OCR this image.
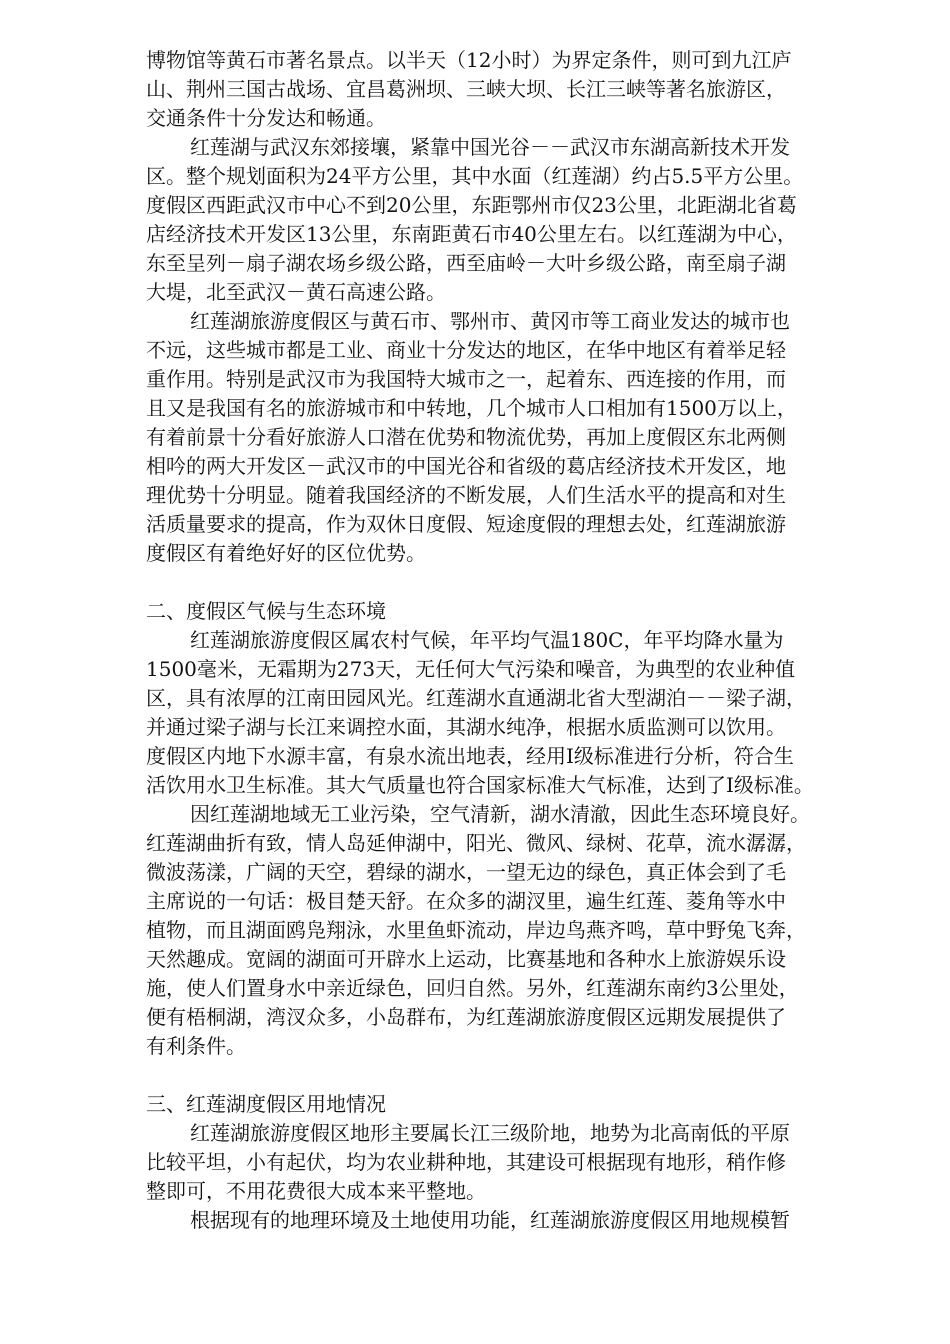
博物馆等黄石市著名景点。以半天（12小时）为界定条件，则可到九江庐
山、荆州三国古战场、宜昌葛洲坝、三峡大坝、长江三峡等著名旅游区，
交通条件十分发达和畅通。
红莲湖与武汉东郊接壤，紧靠中国光谷－－武汉市东湖高新技术开发
区。整个规划面积为24平方公里，其中水面（红莲湖）约占5.5平方公里。
度假区西距武汉市中心不到20公里，东距鄂州市仅23公里，北距湖北省葛
店经济技术开发区13公里，东南距黄石市40公里左右。以红莲湖为中心，
东至呈列－扇子湖农场乡级公路，西至庙岭－大叶乡级公路，南至扇子湖
大堤，北至武汉－黄石高速公路。
红莲湖旅游度假区与黄石市、鄂州市、黄冈市等工商业发达的城市也
不远，这些城市都是工业、商业十分发达的地区，在华中地区有着举足轻
重作用。特别是武汉市为我国特大城市之一，起着东、西连接的作用，而
且又是我国有名的旅游城市和中转地，几个城市人口相加有1500万以上，
有着前景十分看好旅游人口潜在优势和物流优势，再加上度假区东北两侧
相吟的两大开发区－武汉市的中国光谷和省级的葛店经济技术开发区，地
理优势十分明显。随着我国经济的不断发展，人们生活水平的提高和对生
活质量要求的提高，作为双休日度假、短途度假的理想去处，红莲湖旅游
度假区有着绝好好的区位优势。
二、度假区气候与生态环境
红莲湖旅游度假区属农村气候，年平均气温180C，年平均降水量为
1500毫米，无霜期为273天，无任何大气污染和噪音，为典型的农业种值
区，具有浓厚的江南田园风光。红莲湖水直通湖北省大型湖泊－－梁子湖，
并通过梁子湖与长江来调控水面，其湖水纯净，根据水质监测可以饮用。
度假区内地下水源丰富，有泉水流出地表，经用I级标准进行分析，符合生
活饮用水卫生标准。其大气质量也符合国家标准大气标准，达到了I级标准。
因红莲湖地域无工业污染，空气清新，湖水清澈，因此生态环境良好。
红莲湖曲折有致，情人岛延伸湖中，阳光、微风、绿树、花草，流水潺潺，
微波荡漾，广阔的天空，碧绿的湖水，一望无边的绿色，真正体会到了毛
主席说的一句话：极目楚天舒。在众多的湖汊里，遍生红莲、菱角等水中
植物，而且湖面鸥凫翔泳，水里鱼虾流动，岸边鸟燕齐鸣，草中野兔飞奔，
天然趣成。宽阔的湖面可开辟水上运动，比赛基地和各种水上旅游娱乐设
施，使人们置身水中亲近绿色，回归自然。另外，红莲湖东南约3公里处，
便有梧桐湖，湾汊众多，小岛群布，为红莲湖旅游度假区远期发展提供了
有利条件。
三、红莲湖度假区用地情况
红莲湖旅游度假区地形主要属长江三级阶地，地势为北高南低的平原
比较平坦，小有起伏，均为农业耕种地，其建设可根据现有地形，稍作修
整即可，不用花费很大成本来平整地。
根据现有的地理环境及土地使用功能，红莲湖旅游度假区用地规模暂
